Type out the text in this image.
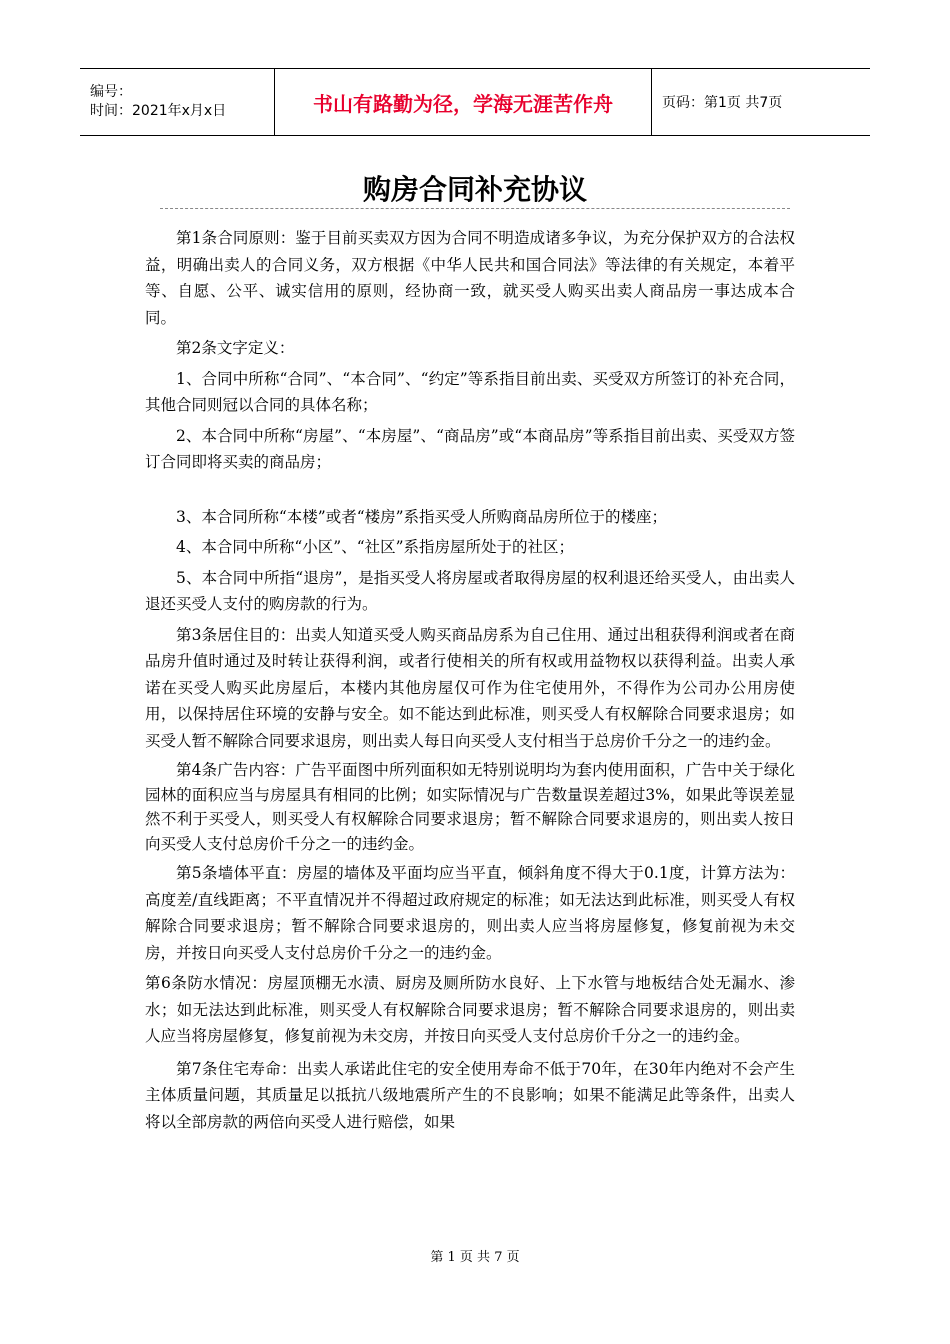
编号：
时间：2021年x月x日	书山有路勤为径，学海无涯苦作舟	页码：第1页 共7页
购房合同补充协议

第1条合同原则：鉴于目前买卖双方因为合同不明造成诸多争议，为充分保护双方的合法权益，明确出卖人的合同义务，双方根据《中华人民共和国合同法》等法律的有关规定，本着平等、自愿、公平、诚实信用的原则，经协商一致，就买受人购买出卖人商品房一事达成本合同。

第2条文字定义：

1、合同中所称“合同”、“本合同”、“约定”等系指目前出卖、买受双方所签订的补充合同，其他合同则冠以合同的具体名称；

2、本合同中所称“房屋”、“本房屋”、“商品房”或“本商品房”等系指目前出卖、买受双方签订合同即将买卖的商品房；

3、本合同所称“本楼”或者“楼房”系指买受人所购商品房所位于的楼座；

4、本合同中所称“小区”、“社区”系指房屋所处于的社区；

5、本合同中所指“退房”，是指买受人将房屋或者取得房屋的权利退还给买受人，由出卖人退还买受人支付的购房款的行为。

第3条居住目的：出卖人知道买受人购买商品房系为自己住用、通过出租获得利润或者在商品房升值时通过及时转让获得利润，或者行使相关的所有权或用益物权以获得利益。出卖人承诺在买受人购买此房屋后，本楼内其他房屋仅可作为住宅使用外，不得作为公司办公用房使用，以保持居住环境的安静与安全。如不能达到此标准，则买受人有权解除合同要求退房；如买受人暂不解除合同要求退房，则出卖人每日向买受人支付相当于总房价千分之一的违约金。

第4条广告内容：广告平面图中所列面积如无特别说明均为套内使用面积，广告中关于绿化园林的面积应当与房屋具有相同的比例；如实际情况与广告数量误差超过3%，如果此等误差显然不利于买受人，则买受人有权解除合同要求退房；暂不解除合同要求退房的，则出卖人按日向买受人支付总房价千分之一的违约金。

第5条墙体平直：房屋的墙体及平面均应当平直，倾斜角度不得大于0.1度，计算方法为：高度差/直线距离；不平直情况并不得超过政府规定的标准；如无法达到此标准，则买受人有权解除合同要求退房；暂不解除合同要求退房的，则出卖人应当将房屋修复，修复前视为未交房，并按日向买受人支付总房价千分之一的违约金。

第6条防水情况：房屋顶棚无水渍、厨房及厕所防水良好、上下水管与地板结合处无漏水、渗水；如无法达到此标准，则买受人有权解除合同要求退房；暂不解除合同要求退房的，则出卖人应当将房屋修复，修复前视为未交房，并按日向买受人支付总房价千分之一的违约金。

第7条住宅寿命：出卖人承诺此住宅的安全使用寿命不低于70年，在30年内绝对不会产生主体质量问题，其质量足以抵抗八级地震所产生的不良影响；如果不能满足此等条件，出卖人将以全部房款的两倍向买受人进行赔偿，如果

第 1 页 共 7 页
